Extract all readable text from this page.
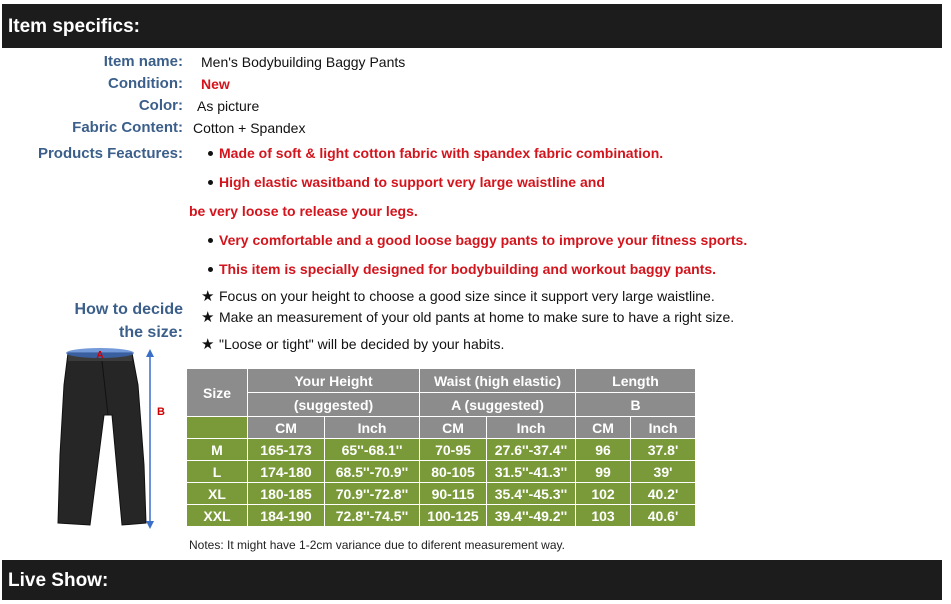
Item specifics:
Item name: Men's Bodybuilding Baggy Pants
Condition: New
Color: As picture
Fabric Content: Cotton + Spandex
Products Feactures:	Made of soft & light cotton fabric with spandex fabric combination.
High elastic wasitband to support very large waistline and
be very loose to release your legs.
Very comfortable and a good loose baggy pants to improve your fitness sports.
This item is specially designed for bodybuilding and workout baggy pants.
How to decide
the size:
★ Focus on your height to choose a good size since it support very large waistline.
★ Make an measurement of your old pants at home to make sure to have a right size.
★ "Loose or tight" will be decided by your habits.
A
B
Size	Your Height		Waist (high elastic)		Length	
	(suggested)		A (suggested)		B	
	CM	Inch	CM	Inch	CM	Inch
M	165-173	65''-68.1''	70-95	27.6''-37.4''	96	37.8'
L	174-180	68.5''-70.9''	80-105	31.5''-41.3''	99	39'
XL	180-185	70.9''-72.8''	90-115	35.4''-45.3''	102	40.2'
XXL	184-190	72.8''-74.5''	100-125	39.4''-49.2''	103	40.6'
Notes: It might have 1-2cm variance due to diferent measurement way.
Live Show:
